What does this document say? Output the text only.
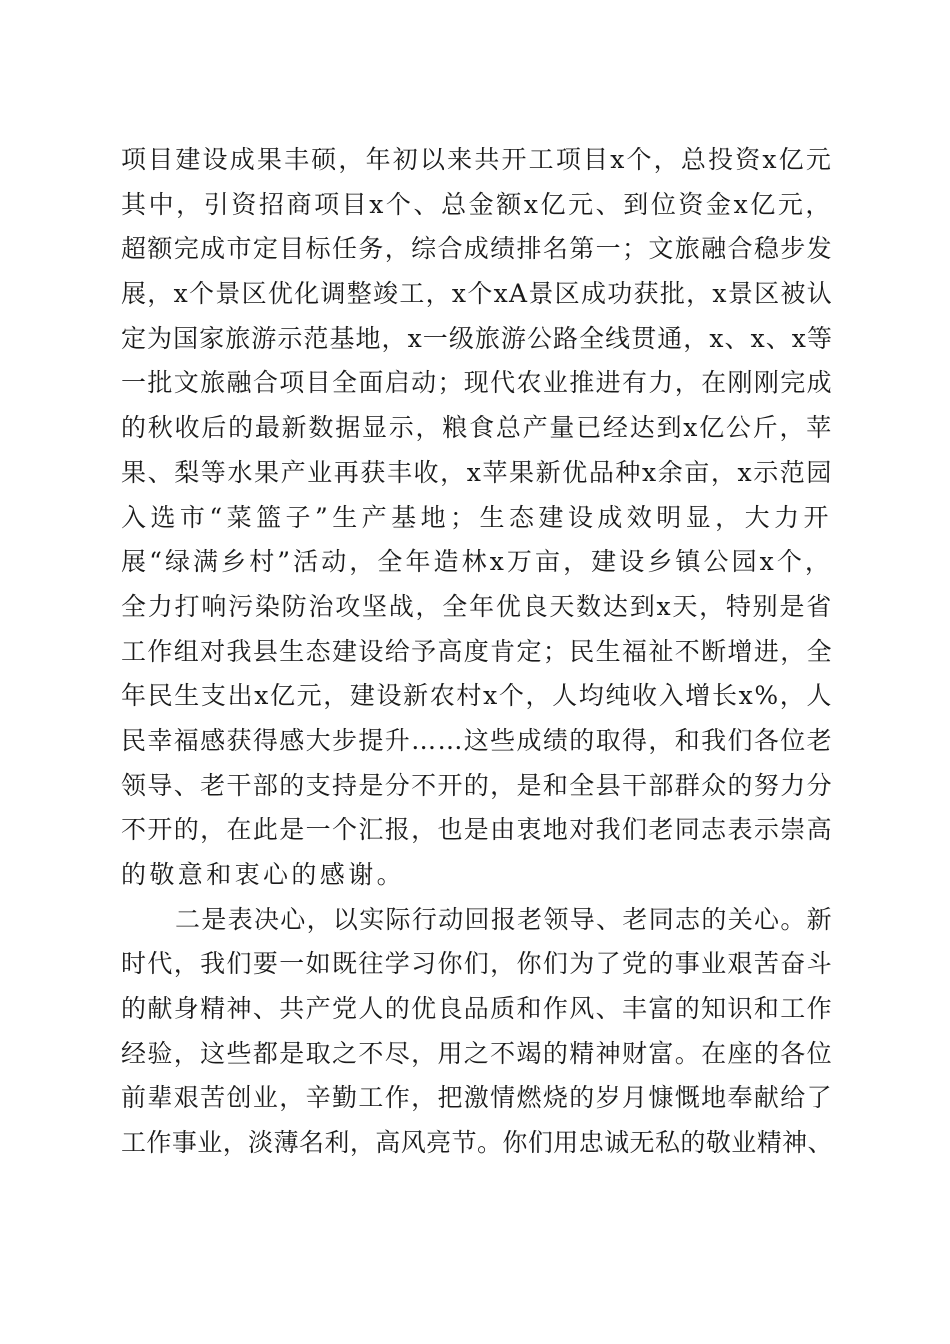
项目建设成果丰硕，年初以来共开工项目x个，总投资x亿元
其中，引资招商项目x个、总金额x亿元、到位资金x亿元，
超额完成市定目标任务，综合成绩排名第一；文旅融合稳步发
展，x个景区优化调整竣工，x个xA景区成功获批，x景区被认
定为国家旅游示范基地，x一级旅游公路全线贯通，x、x、x等
一批文旅融合项目全面启动；现代农业推进有力，在刚刚完成
的秋收后的最新数据显示，粮食总产量已经达到x亿公斤，苹
果、梨等水果产业再获丰收，x苹果新优品种x余亩，x示范园
入选市“菜篮子”生产基地；生态建设成效明显，大力开
展“绿满乡村”活动，全年造林x万亩，建设乡镇公园x个，
全力打响污染防治攻坚战，全年优良天数达到x天，特别是省
工作组对我县生态建设给予高度肯定；民生福祉不断增进，全
年民生支出x亿元，建设新农村x个，人均纯收入增长x%，人
民幸福感获得感大步提升……这些成绩的取得，和我们各位老
领导、老干部的支持是分不开的，是和全县干部群众的努力分
不开的，在此是一个汇报，也是由衷地对我们老同志表示崇高
的敬意和衷心的感谢。
二是表决心，以实际行动回报老领导、老同志的关心。新
时代，我们要一如既往学习你们，你们为了党的事业艰苦奋斗
的献身精神、共产党人的优良品质和作风、丰富的知识和工作
经验，这些都是取之不尽，用之不竭的精神财富。在座的各位
前辈艰苦创业，辛勤工作，把激情燃烧的岁月慷慨地奉献给了
工作事业，淡薄名利，高风亮节。你们用忠诚无私的敬业精神、
